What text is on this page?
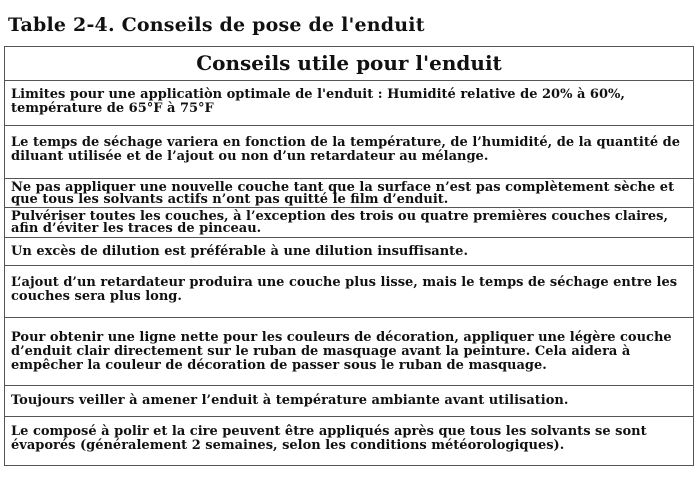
Table 2-4. Conseils de pose de l'enduit
Conseils utile pour l'enduit
Limites pour une applicatiòn optimale de l'enduit : Humidité relative de 20% à 60%, température de 65°F à 75°F
Le temps de séchage variera en fonction de la température, de l’humidité, de la quantité de diluant utilisée et de l’ajout ou non d’un retardateur au mélange.
Ne pas appliquer une nouvelle couche tant que la surface n’est pas complètement sèche et que tous les solvants actifs n’ont pas quitté le film d’enduit.
Pulvériser toutes les couches, à l’exception des trois ou quatre premières couches claires, afin d’éviter les traces de pinceau.
Un excès de dilution est préférable à une dilution insuffisante.
L’ajout d’un retardateur produira une couche plus lisse, mais le temps de séchage entre les couches sera plus long.
Pour obtenir une ligne nette pour les couleurs de décoration, appliquer une légère couche d’enduit clair directement sur le ruban de masquage avant la peinture. Cela aidera à empêcher la couleur de décoration de passer sous le ruban de masquage.
Toujours veiller à amener l’enduit à température ambiante avant utilisation.
Le composé à polir et la cire peuvent être appliqués après que tous les solvants se sont évaporés (généralement 2 semaines, selon les conditions météorologiques).
